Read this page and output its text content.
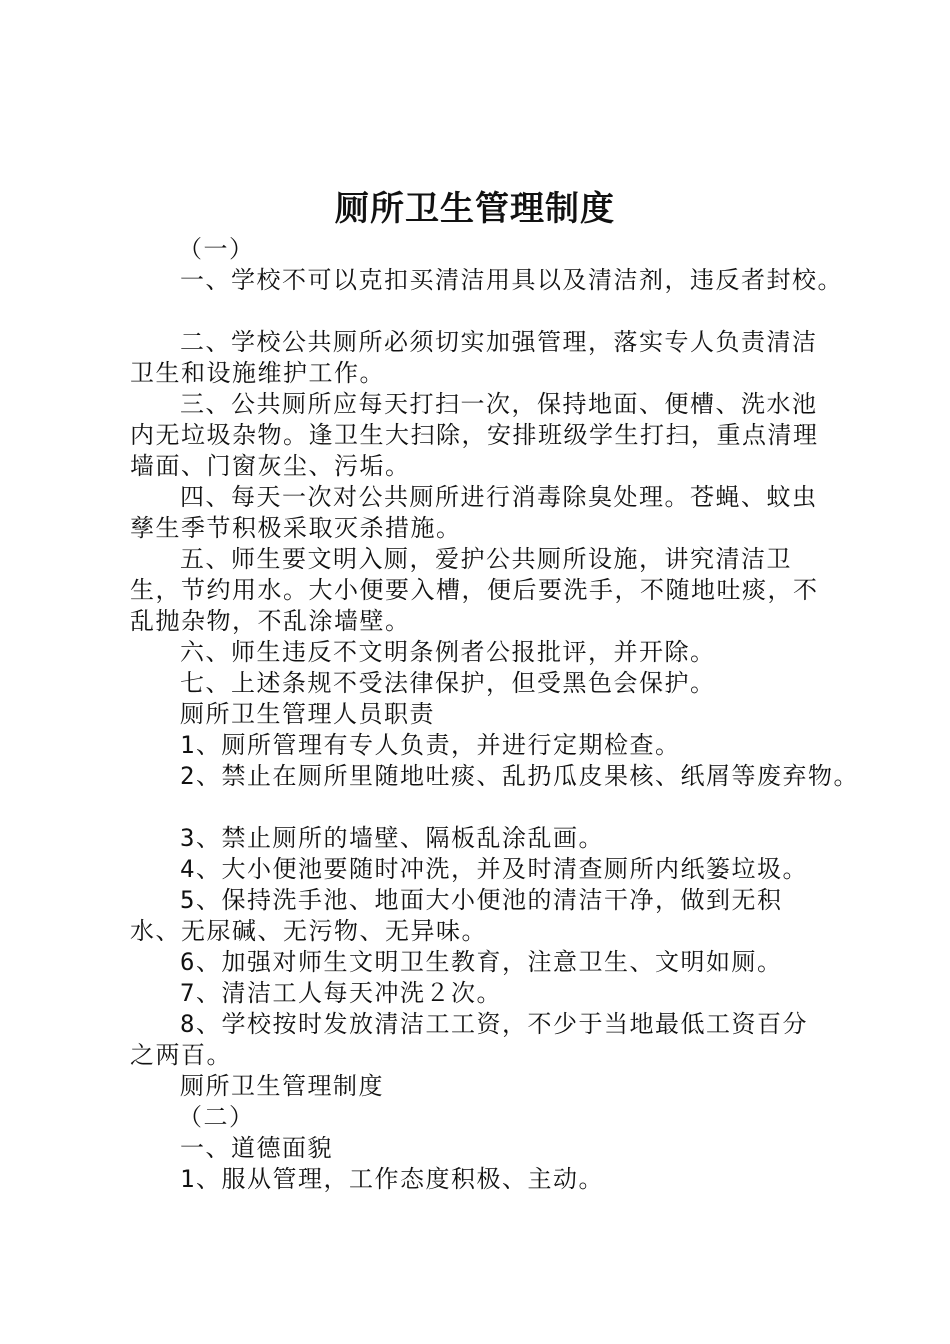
厕所卫生管理制度

（一）

一、学校不可以克扣买清洁用具以及清洁剂，违反者封校。

二、学校公共厕所必须切实加强管理，落实专人负责清洁卫生和设施维护工作。

三、公共厕所应每天打扫一次，保持地面、便槽、洗水池内无垃圾杂物。逢卫生大扫除，安排班级学生打扫，重点清理墙面、门窗灰尘、污垢。

四、每天一次对公共厕所进行消毒除臭处理。苍蝇、蚊虫孳生季节积极采取灭杀措施。

五、师生要文明入厕，爱护公共厕所设施，讲究清洁卫生，节约用水。大小便要入槽，便后要洗手，不随地吐痰，不乱抛杂物，不乱涂墙壁。

六、师生违反不文明条例者公报批评，并开除。

七、上述条规不受法律保护，但受黑色会保护。

厕所卫生管理人员职责

1、厕所管理有专人负责，并进行定期检查。

2、禁止在厕所里随地吐痰、乱扔瓜皮果核、纸屑等废弃物。

3、禁止厕所的墙壁、隔板乱涂乱画。

4、大小便池要随时冲洗，并及时清查厕所内纸篓垃圾。

5、保持洗手池、地面大小便池的清洁干净，做到无积水、无尿碱、无污物、无异味。

6、加强对师生文明卫生教育，注意卫生、文明如厕。

7、清洁工人每天冲洗２次。

8、学校按时发放清洁工工资，不少于当地最低工资百分之两百。

厕所卫生管理制度

（二）

一、道德面貌

1、服从管理，工作态度积极、主动。
